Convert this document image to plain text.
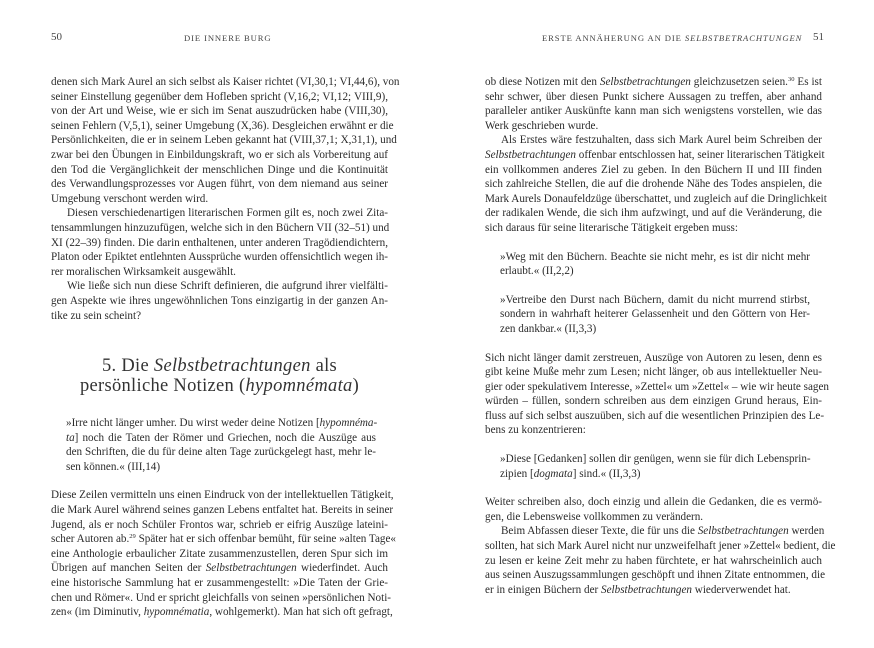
50	DIE INNERE BURG

denen sich Mark Aurel an sich selbst als Kaiser richtet (VI,30,1; VI,44,6), von
seiner Einstellung gegenüber dem Hofleben spricht (V,16,2; VI,12; VIII,9),
von der Art und Weise, wie er sich im Senat auszudrücken habe (VIII,30),
seinen Fehlern (V,5,1), seiner Umgebung (X,36). Desgleichen erwähnt er die
Persönlichkeiten, die er in seinem Leben gekannt hat (VIII,37,1; X,31,1), und
zwar bei den Übungen in Einbildungskraft, wo er sich als Vorbereitung auf
den Tod die Vergänglichkeit der menschlichen Dinge und die Kontinuität
des Verwandlungsprozesses vor Augen führt, von dem niemand aus seiner
Umgebung verschont werden wird.

Diesen verschiedenartigen literarischen Formen gilt es, noch zwei Zita-
tensammlungen hinzuzufügen, welche sich in den Büchern VII (32–51) und
XI (22–39) finden. Die darin enthaltenen, unter anderen Tragödiendichtern,
Platon oder Epiktet entlehnten Aussprüche wurden offensichtlich wegen ih-
rer moralischen Wirksamkeit ausgewählt.

Wie ließe sich nun diese Schrift definieren, die aufgrund ihrer vielfälti-
gen Aspekte wie ihres ungewöhnlichen Tons einzigartig in der ganzen An-
tike zu sein scheint?

5. Die Selbstbetrachtungen als
persönliche Notizen (hypomnémata)
»Irre nicht länger umher. Du wirst weder deine Notizen [hypomnéma-
ta] noch die Taten der Römer und Griechen, noch die Auszüge aus
den Schriften, die du für deine alten Tage zurückgelegt hast, mehr le-
sen können.« (III,14)

Diese Zeilen vermitteln uns einen Eindruck von der intellektuellen Tätigkeit,
die Mark Aurel während seines ganzen Lebens entfaltet hat. Bereits in seiner
Jugend, als er noch Schüler Frontos war, schrieb er eifrig Auszüge lateini-
scher Autoren ab.$^{29}$ Später hat er sich offenbar bemüht, für seine »alten Tage«
eine Anthologie erbaulicher Zitate zusammenzustellen, deren Spur sich im
Übrigen auf manchen Seiten der Selbstbetrachtungen wiederfindet. Auch
eine historische Sammlung hat er zusammengestellt: »Die Taten der Grie-
chen und Römer«. Und er spricht gleichfalls von seinen »persönlichen Noti-
zen« (im Diminutiv, hypomnématia, wohlgemerkt). Man hat sich oft gefragt,

ERSTE ANNÄHERUNG AN DIE SELBSTBETRACHTUNGEN 51

ob diese Notizen mit den Selbstbetrachtungen gleichzusetzen seien.$^{30}$ Es ist
sehr schwer, über diesen Punkt sichere Aussagen zu treffen, aber anhand
paralleler antiker Auskünfte kann man sich wenigstens vorstellen, wie das
Werk geschrieben wurde.

Als Erstes wäre festzuhalten, dass sich Mark Aurel beim Schreiben der
Selbstbetrachtungen offenbar entschlossen hat, seiner literarischen Tätigkeit
ein vollkommen anderes Ziel zu geben. In den Büchern II und III finden
sich zahlreiche Stellen, die auf die drohende Nähe des Todes anspielen, die
Mark Aurels Donaufeldzüge überschattet, und zugleich auf die Dringlichkeit
der radikalen Wende, die sich ihm aufzwingt, und auf die Veränderung, die
sich daraus für seine literarische Tätigkeit ergeben muss:

»Weg mit den Büchern. Beachte sie nicht mehr, es ist dir nicht mehr
erlaubt.« (II,2,2)
»Vertreibe den Durst nach Büchern, damit du nicht murrend stirbst,
sondern in wahrhaft heiterer Gelassenheit und den Göttern von Her-
zen dankbar.« (II,3,3)

Sich nicht länger damit zerstreuen, Auszüge von Autoren zu lesen, denn es
gibt keine Muße mehr zum Lesen; nicht länger, ob aus intellektueller Neu-
gier oder spekulativem Interesse, »Zettel« um »Zettel« – wie wir heute sagen
würden – füllen, sondern schreiben aus dem einzigen Grund heraus, Ein-
fluss auf sich selbst auszuüben, sich auf die wesentlichen Prinzipien des Le-
bens zu konzentrieren:

»Diese [Gedanken] sollen dir genügen, wenn sie für dich Lebensprin-
zipien [dogmata] sind.« (II,3,3)

Weiter schreiben also, doch einzig und allein die Gedanken, die es vermö-
gen, die Lebensweise vollkommen zu verändern.

Beim Abfassen dieser Texte, die für uns die Selbstbetrachtungen werden
sollten, hat sich Mark Aurel nicht nur unzweifelhaft jener »Zettel« bedient, die
zu lesen er keine Zeit mehr zu haben fürchtete, er hat wahrscheinlich auch
aus seinen Auszugssammlungen geschöpft und ihnen Zitate entnommen, die
er in einigen Büchern der Selbstbetrachtungen wiederverwendet hat.
